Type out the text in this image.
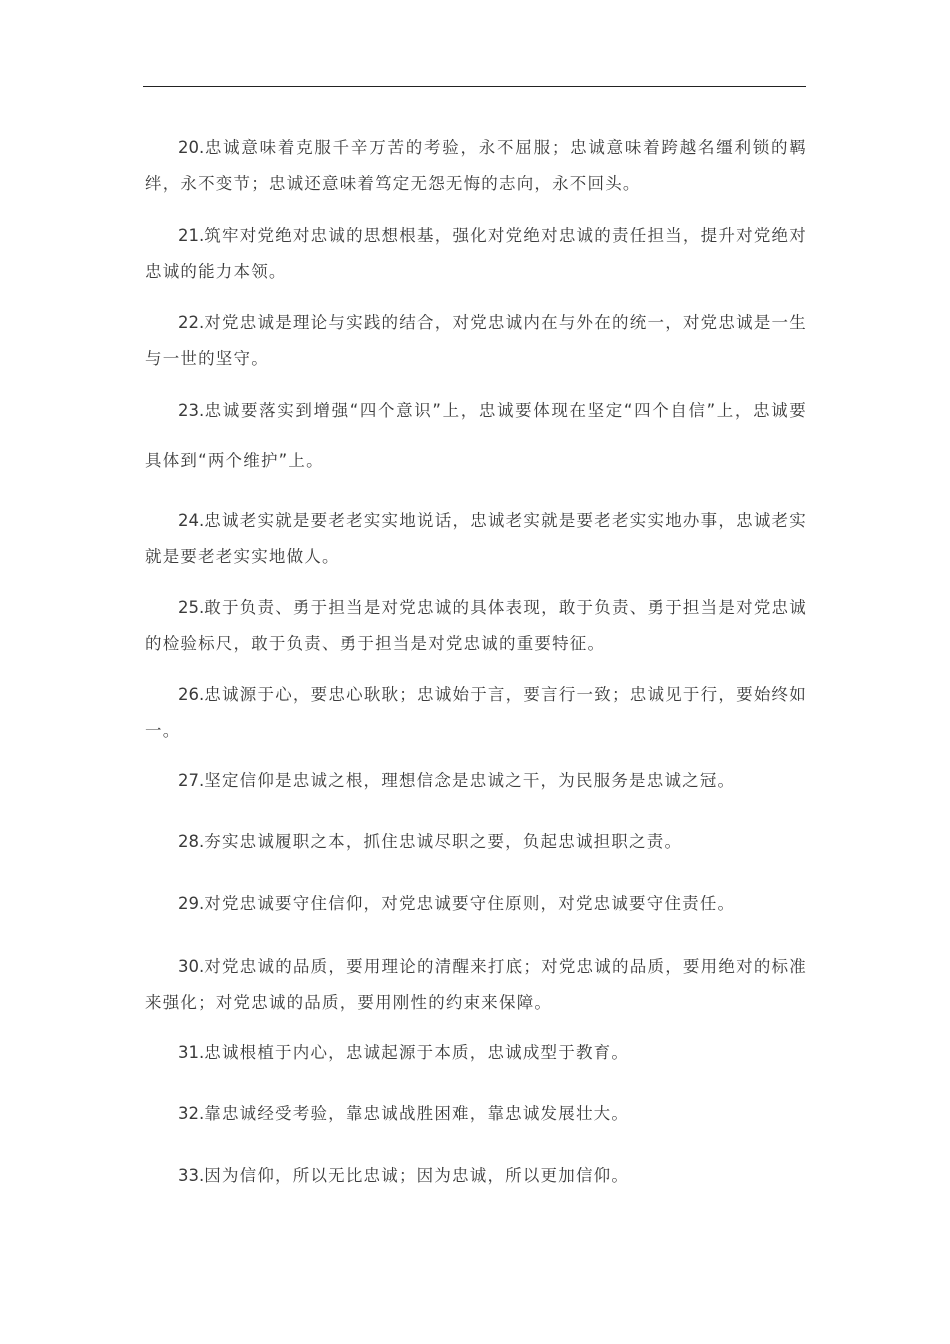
20.忠诚意味着克服千辛万苦的考验，永不屈服；忠诚意味着跨越名缰利锁的羁绊，永不变节；忠诚还意味着笃定无怨无悔的志向，永不回头。

21.筑牢对党绝对忠诚的思想根基，强化对党绝对忠诚的责任担当，提升对党绝对忠诚的能力本领。

22.对党忠诚是理论与实践的结合，对党忠诚内在与外在的统一，对党忠诚是一生与一世的坚守。

23.忠诚要落实到增强“四个意识”上，忠诚要体现在坚定“四个自信”上，忠诚要具体到“两个维护”上。

24.忠诚老实就是要老老实实地说话，忠诚老实就是要老老实实地办事，忠诚老实就是要老老实实地做人。

25.敢于负责、勇于担当是对党忠诚的具体表现，敢于负责、勇于担当是对党忠诚的检验标尺，敢于负责、勇于担当是对党忠诚的重要特征。

26.忠诚源于心，要忠心耿耿；忠诚始于言，要言行一致；忠诚见于行，要始终如一。

27.坚定信仰是忠诚之根，理想信念是忠诚之干，为民服务是忠诚之冠。

28.夯实忠诚履职之本，抓住忠诚尽职之要，负起忠诚担职之责。

29.对党忠诚要守住信仰，对党忠诚要守住原则，对党忠诚要守住责任。

30.对党忠诚的品质，要用理论的清醒来打底；对党忠诚的品质，要用绝对的标准来强化；对党忠诚的品质，要用刚性的约束来保障。

31.忠诚根植于内心，忠诚起源于本质，忠诚成型于教育。

32.靠忠诚经受考验，靠忠诚战胜困难，靠忠诚发展壮大。

33.因为信仰，所以无比忠诚；因为忠诚，所以更加信仰。
